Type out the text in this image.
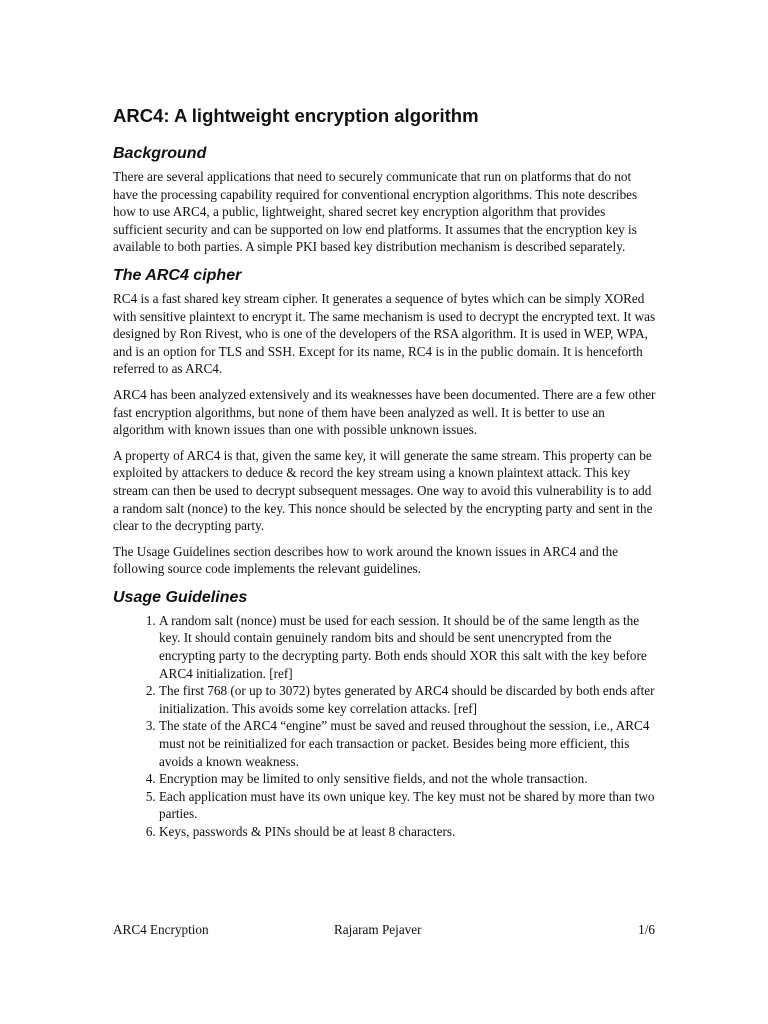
ARC4: A lightweight encryption algorithm
Background

There are several applications that need to securely communicate that run on platforms that do not have the processing capability required for conventional encryption algorithms. This note describes how to use ARC4, a public, lightweight, shared secret key encryption algorithm that provides sufficient security and can be supported on low end platforms. It assumes that the encryption key is available to both parties. A simple PKI based key distribution mechanism is described separately.

The ARC4 cipher

RC4 is a fast shared key stream cipher. It generates a sequence of bytes which can be simply XORed with sensitive plaintext to encrypt it. The same mechanism is used to decrypt the encrypted text. It was designed by Ron Rivest, who is one of the developers of the RSA algorithm. It is used in WEP, WPA, and is an option for TLS and SSH. Except for its name, RC4 is in the public domain. It is henceforth referred to as ARC4.

ARC4 has been analyzed extensively and its weaknesses have been documented. There are a few other fast encryption algorithms, but none of them have been analyzed as well. It is better to use an algorithm with known issues than one with possible unknown issues.

A property of ARC4 is that, given the same key, it will generate the same stream. This property can be exploited by attackers to deduce & record the key stream using a known plaintext attack. This key stream can then be used to decrypt subsequent messages. One way to avoid this vulnerability is to add a random salt (nonce) to the key. This nonce should be selected by the encrypting party and sent in the clear to the decrypting party.

The Usage Guidelines section describes how to work around the known issues in ARC4 and the following source code implements the relevant guidelines.

Usage Guidelines
1. A random salt (nonce) must be used for each session. It should be of the same length as the key. It should contain genuinely random bits and should be sent unencrypted from the encrypting party to the decrypting party. Both ends should XOR this salt with the key before ARC4 initialization. [ref]
2. The first 768 (or up to 3072) bytes generated by ARC4 should be discarded by both ends after initialization. This avoids some key correlation attacks. [ref]
3. The state of the ARC4 “engine” must be saved and reused throughout the session, i.e., ARC4 must not be reinitialized for each transaction or packet. Besides being more efficient, this avoids a known weakness.
4. Encryption may be limited to only sensitive fields, and not the whole transaction.
5. Each application must have its own unique key. The key must not be shared by more than two parties.
6. Keys, passwords & PINs should be at least 8 characters.
ARC4 Encryption	Rajaram Pejaver	1/6
